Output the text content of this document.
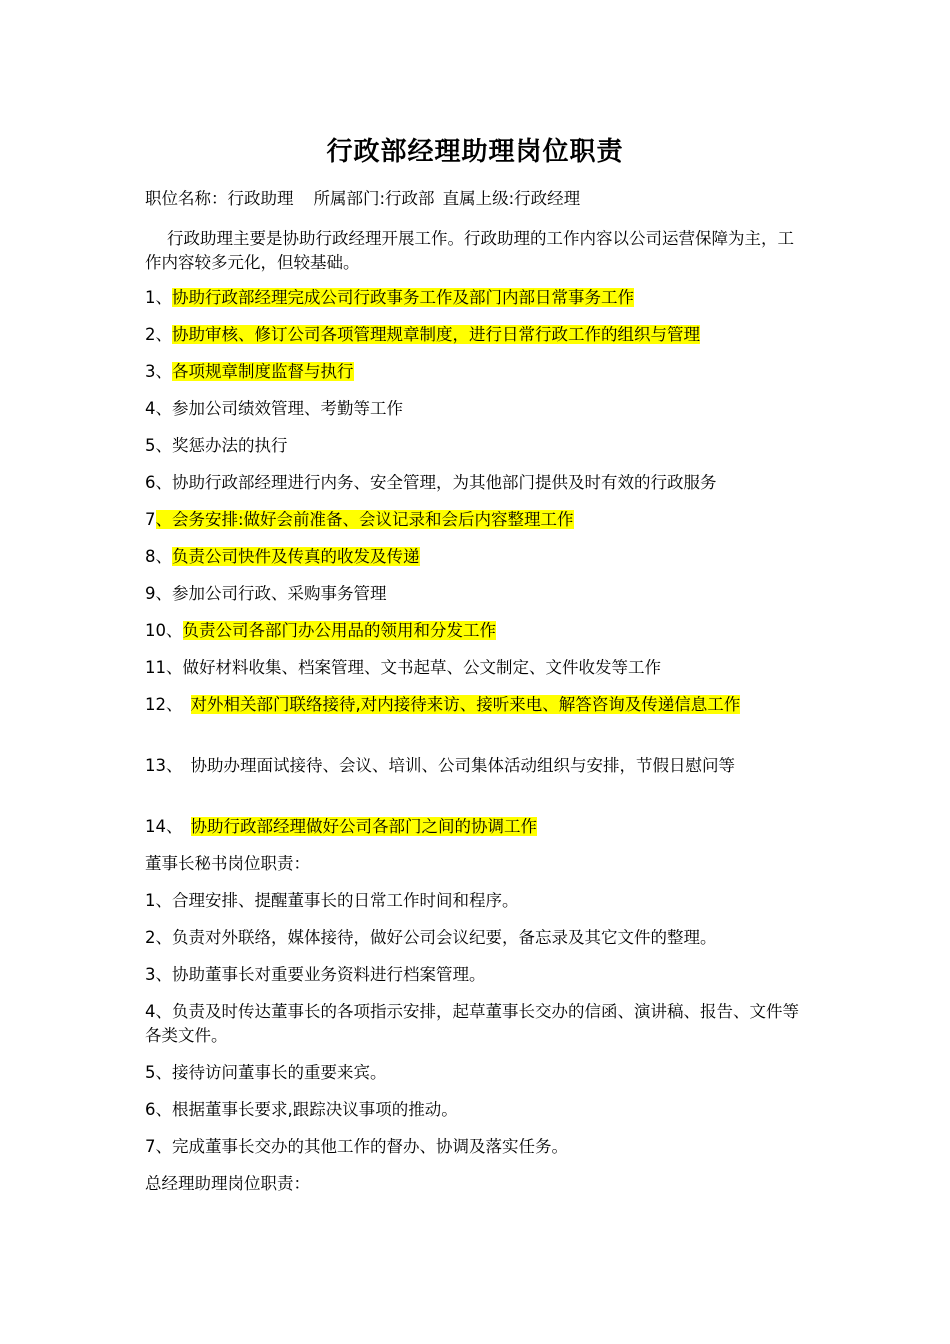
行政部经理助理岗位职责
职位名称：行政助理 所属部门:行政部 直属上级:行政经理
行政助理主要是协助行政经理开展工作。行政助理的工作内容以公司运营保障为主，工作内容较多元化，但较基础。
1、协助行政部经理完成公司行政事务工作及部门内部日常事务工作
2、协助审核、修订公司各项管理规章制度，进行日常行政工作的组织与管理
3、各项规章制度监督与执行
4、参加公司绩效管理、考勤等工作
5、奖惩办法的执行
6、协助行政部经理进行内务、安全管理，为其他部门提供及时有效的行政服务
7、会务安排:做好会前准备、会议记录和会后内容整理工作
8、负责公司快件及传真的收发及传递
9、参加公司行政、采购事务管理
10、负责公司各部门办公用品的领用和分发工作
11、做好材料收集、档案管理、文书起草、公文制定、文件收发等工作
12、 对外相关部门联络接待,对内接待来访、接听来电、解答咨询及传递信息工作
13、 协助办理面试接待、会议、培训、公司集体活动组织与安排，节假日慰问等
14、 协助行政部经理做好公司各部门之间的协调工作
董事长秘书岗位职责：
1、合理安排、提醒董事长的日常工作时间和程序。
2、负责对外联络，媒体接待，做好公司会议纪要，备忘录及其它文件的整理。
3、协助董事长对重要业务资料进行档案管理。
4、负责及时传达董事长的各项指示安排，起草董事长交办的信函、演讲稿、报告、文件等各类文件。
5、接待访问董事长的重要来宾。
6、根据董事长要求,跟踪决议事项的推动。
7、完成董事长交办的其他工作的督办、协调及落实任务。
总经理助理岗位职责：
